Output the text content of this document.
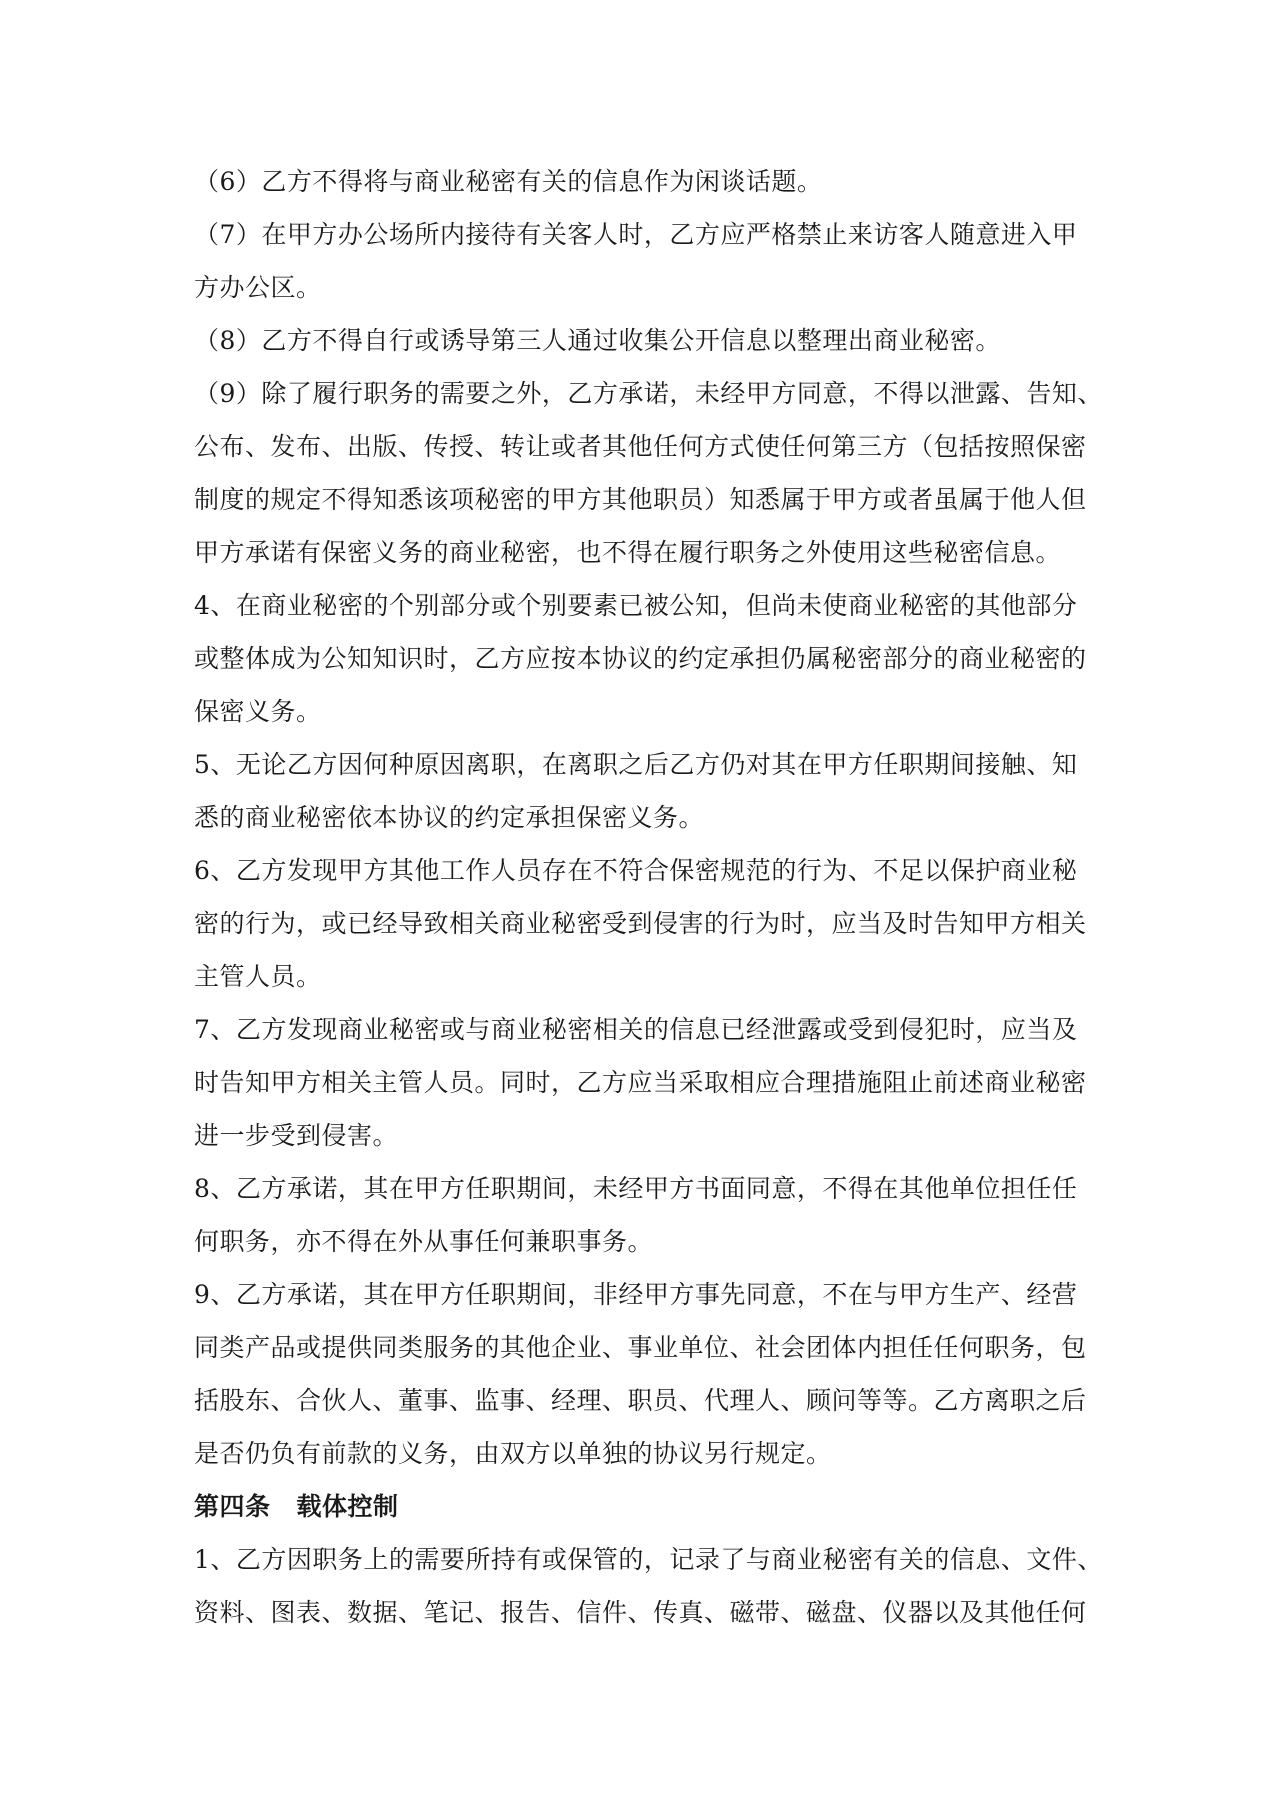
（6）乙方不得将与商业秘密有关的信息作为闲谈话题。
（7）在甲方办公场所内接待有关客人时，乙方应严格禁止来访客人随意进入甲
方办公区。
（8）乙方不得自行或诱导第三人通过收集公开信息以整理出商业秘密。
（9）除了履行职务的需要之外，乙方承诺，未经甲方同意，不得以泄露、告知、
公布、发布、出版、传授、转让或者其他任何方式使任何第三方（包括按照保密
制度的规定不得知悉该项秘密的甲方其他职员）知悉属于甲方或者虽属于他人但
甲方承诺有保密义务的商业秘密，也不得在履行职务之外使用这些秘密信息。
4、在商业秘密的个别部分或个别要素已被公知，但尚未使商业秘密的其他部分
或整体成为公知知识时，乙方应按本协议的约定承担仍属秘密部分的商业秘密的
保密义务。
5、无论乙方因何种原因离职，在离职之后乙方仍对其在甲方任职期间接触、知
悉的商业秘密依本协议的约定承担保密义务。
6、乙方发现甲方其他工作人员存在不符合保密规范的行为、不足以保护商业秘
密的行为，或已经导致相关商业秘密受到侵害的行为时，应当及时告知甲方相关
主管人员。
7、乙方发现商业秘密或与商业秘密相关的信息已经泄露或受到侵犯时，应当及
时告知甲方相关主管人员。同时，乙方应当采取相应合理措施阻止前述商业秘密
进一步受到侵害。
8、乙方承诺，其在甲方任职期间，未经甲方书面同意，不得在其他单位担任任
何职务，亦不得在外从事任何兼职事务。
9、乙方承诺，其在甲方任职期间，非经甲方事先同意，不在与甲方生产、经营
同类产品或提供同类服务的其他企业、事业单位、社会团体内担任任何职务，包
括股东、合伙人、董事、监事、经理、职员、代理人、顾问等等。乙方离职之后
是否仍负有前款的义务，由双方以单独的协议另行规定。
第四条 载体控制
1、乙方因职务上的需要所持有或保管的，记录了与商业秘密有关的信息、文件、
资料、图表、数据、笔记、报告、信件、传真、磁带、磁盘、仪器以及其他任何
